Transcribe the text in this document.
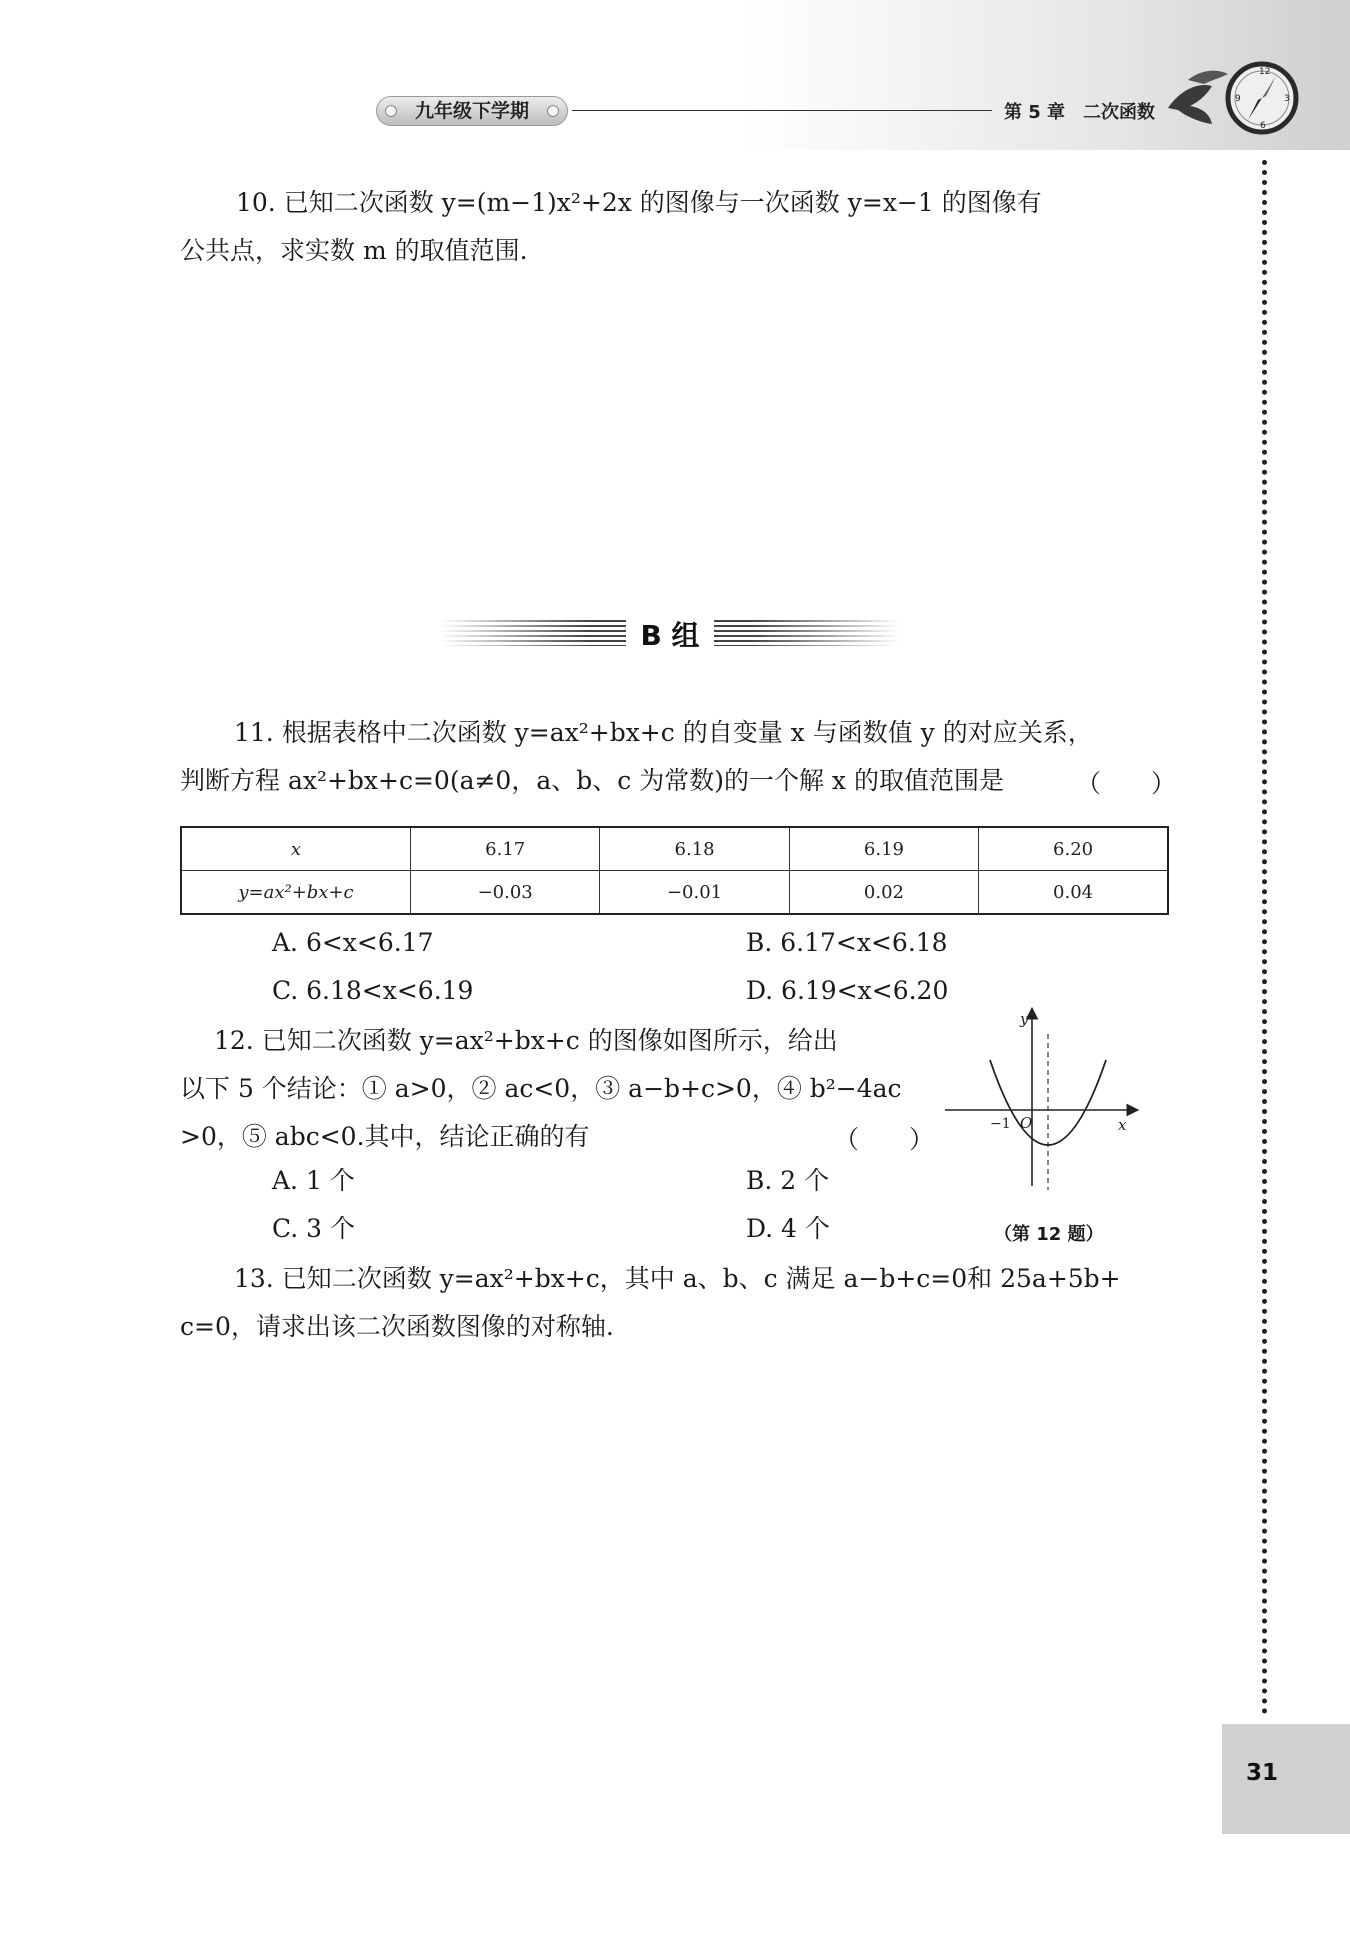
九年级下学期	第 5 章　二次函数
12
3
6
9
31
10. 已知二次函数 y=(m−1)x²+2x 的图像与一次函数 y=x−1 的图像有
公共点，求实数 m 的取值范围.
B 组
11. 根据表格中二次函数 y=ax²+bx+c 的自变量 x 与函数值 y 的对应关系，
判断方程 ax²+bx+c=0(a≠0，a、b、c 为常数)的一个解 x 的取值范围是	（　　）
x	6.17	6.18	6.19	6.20
y=ax²+bx+c	−0.03	−0.01	0.02	0.04
A. 6<x<6.17	B. 6.17<x<6.18
C. 6.18<x<6.19	D. 6.19<x<6.20
12. 已知二次函数 y=ax²+bx+c 的图像如图所示，给出
以下 5 个结论：① a>0，② ac<0，③ a−b+c>0，④ b²−4ac
>0，⑤ abc<0.其中，结论正确的有	（　　）
A. 1 个	B. 2 个
C. 3 个	D. 4 个
y
x
O
−1
（第 12 题）
13. 已知二次函数 y=ax²+bx+c，其中 a、b、c 满足 a−b+c=0和 25a+5b+
c=0，请求出该二次函数图像的对称轴.
